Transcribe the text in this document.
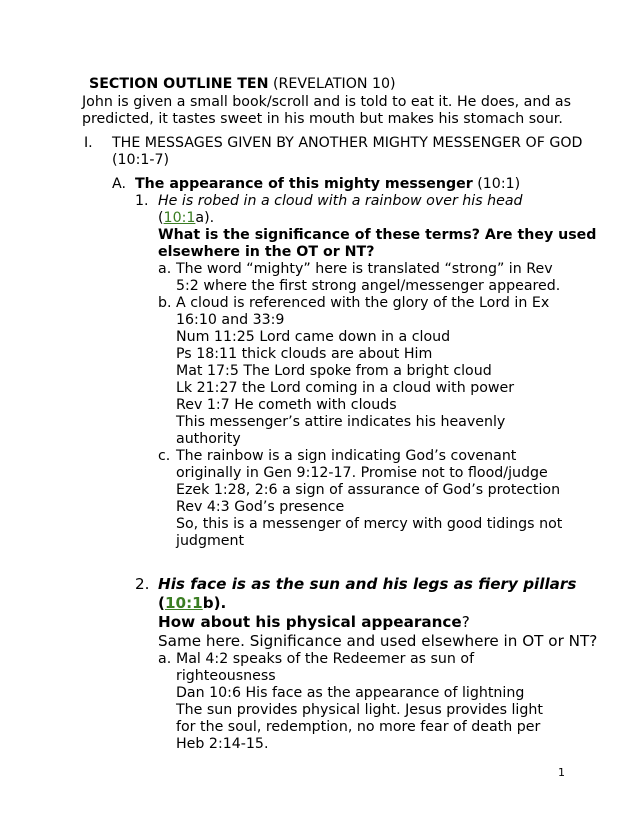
SECTION OUTLINE TEN (REVELATION 10)
John is given a small book/scroll and is told to eat it. He does, and as
predicted, it tastes sweet in his mouth but makes his stomach sour.
I. THE MESSAGES GIVEN BY ANOTHER MIGHTY MESSENGER OF GOD
(10:1-7)
A. The appearance of this mighty messenger (10:1)
1. He is robed in a cloud with a rainbow over his head
(10:1a).
What is the significance of these terms? Are they used
elsewhere in the OT or NT?
a. The word “mighty” here is translated “strong” in Rev
5:2 where the first strong angel/messenger appeared.
b. A cloud is referenced with the glory of the Lord in Ex
16:10 and 33:9
Num 11:25 Lord came down in a cloud
Ps 18:11 thick clouds are about Him
Mat 17:5 The Lord spoke from a bright cloud
Lk 21:27 the Lord coming in a cloud with power
Rev 1:7 He cometh with clouds
This messenger’s attire indicates his heavenly
authority
c. The rainbow is a sign indicating God’s covenant
originally in Gen 9:12-17. Promise not to flood/judge
Ezek 1:28, 2:6 a sign of assurance of God’s protection
Rev 4:3 God’s presence
So, this is a messenger of mercy with good tidings not
judgment
2. His face is as the sun and his legs as fiery pillars
(10:1b).
How about his physical appearance?
Same here. Significance and used elsewhere in OT or NT?
a. Mal 4:2 speaks of the Redeemer as sun of
righteousness
Dan 10:6 His face as the appearance of lightning
The sun provides physical light. Jesus provides light
for the soul, redemption, no more fear of death per
Heb 2:14-15.
1
